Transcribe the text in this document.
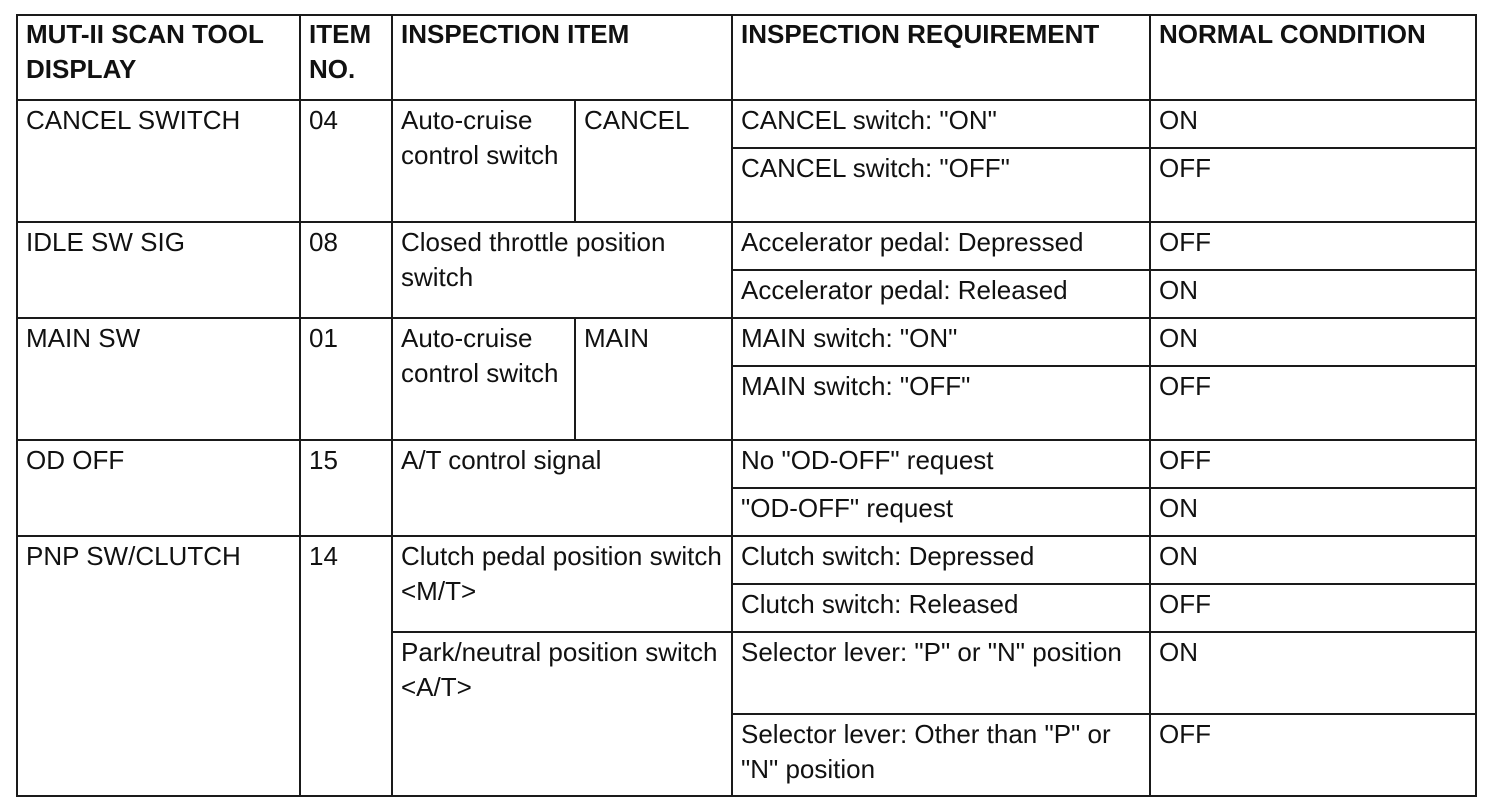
MUT-II SCAN TOOL DISPLAY	ITEM NO.	INSPECTION ITEM		INSPECTION REQUIREMENT	NORMAL CONDITION
CANCEL SWITCH	04	Auto-cruise control switch	CANCEL	CANCEL switch: "ON"	ON
				CANCEL switch: "OFF"	OFF
IDLE SW SIG	08	Closed throttle position switch		Accelerator pedal: Depressed	OFF
				Accelerator pedal: Released	ON
MAIN SW	01	Auto-cruise control switch	MAIN	MAIN switch: "ON"	ON
				MAIN switch: "OFF"	OFF
OD OFF	15	A/T control signal		No "OD-OFF" request	OFF
				"OD-OFF" request	ON
PNP SW/CLUTCH	14	Clutch pedal position switch <M/T>		Clutch switch: Depressed	ON
				Clutch switch: Released	OFF
		Park/neutral position switch <A/T>		Selector lever: "P" or "N" position	ON
				Selector lever: Other than "P" or "N" position	OFF
